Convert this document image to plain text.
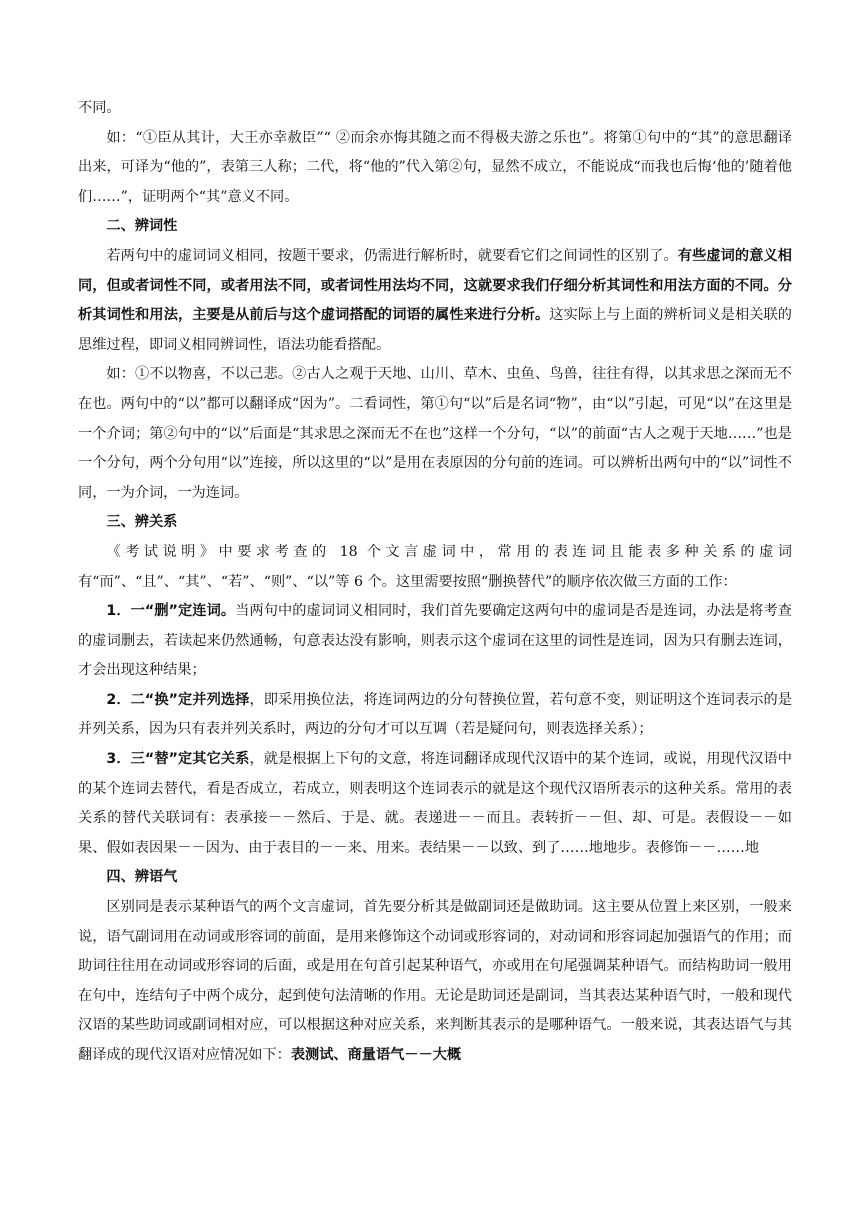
不同。

如：“①臣从其计，大王亦幸赦臣”“ ②而余亦悔其随之而不得极夫游之乐也”。将第①句中的“其”的意思翻译出来，可译为“他的”，表第三人称；二代，将“他的”代入第②句，显然不成立，不能说成“而我也后悔‘他的’随着他们……”，证明两个“其”意义不同。

二、辨词性

若两句中的虚词词义相同，按题干要求，仍需进行解析时，就要看它们之间词性的区别了。有些虚词的意义相同，但或者词性不同，或者用法不同，或者词性用法均不同，这就要求我们仔细分析其词性和用法方面的不同。分析其词性和用法，主要是从前后与这个虚词搭配的词语的属性来进行分析。这实际上与上面的辨析词义是相关联的思维过程，即词义相同辨词性，语法功能看搭配。

如：①不以物喜，不以己悲。②古人之观于天地、山川、草木、虫鱼、鸟兽，往往有得，以其求思之深而无不在也。两句中的“以”都可以翻译成“因为”。二看词性，第①句“以”后是名词“物”，由“以”引起，可见“以”在这里是一个介词；第②句中的“以”后面是“其求思之深而无不在也”这样一个分句，“以”的前面“古人之观于天地……”也是一个分句，两个分句用“以”连接，所以这里的“以”是用在表原因的分句前的连词。可以辨析出两句中的“以”词性不同，一为介词，一为连词。

三、辨关系

《考试说明》中要求考查的 18 个文言虚词中，常用的表连词且能表多种关系的虚词有“而”、“且”、“其”、“若”、“则”、“以”等 6 个。这里需要按照“删换替代”的顺序依次做三方面的工作：

1．一“删”定连词。当两句中的虚词词义相同时，我们首先要确定这两句中的虚词是否是连词，办法是将考查的虚词删去，若读起来仍然通畅，句意表达没有影响，则表示这个虚词在这里的词性是连词，因为只有删去连词，才会出现这种结果；

2．二“换”定并列选择，即采用换位法，将连词两边的分句替换位置，若句意不变，则证明这个连词表示的是并列关系，因为只有表并列关系时，两边的分句才可以互调（若是疑问句，则表选择关系）；

3．三“替”定其它关系，就是根据上下句的文意，将连词翻译成现代汉语中的某个连词，或说，用现代汉语中的某个连词去替代，看是否成立，若成立，则表明这个连词表示的就是这个现代汉语所表示的这种关系。常用的表关系的替代关联词有：表承接－－然后、于是、就。表递进－－而且。表转折－－但、却、可是。表假设－－如果、假如表因果－－因为、由于表目的－－来、用来。表结果－－以致、到了……地地步。表修饰－－……地

四、辨语气

区别同是表示某种语气的两个文言虚词，首先要分析其是做副词还是做助词。这主要从位置上来区别，一般来说，语气副词用在动词或形容词的前面，是用来修饰这个动词或形容词的，对动词和形容词起加强语气的作用；而助词往往用在动词或形容词的后面，或是用在句首引起某种语气，亦或用在句尾强调某种语气。而结构助词一般用在句中，连结句子中两个成分，起到使句法清晰的作用。无论是助词还是副词，当其表达某种语气时，一般和现代汉语的某些助词或副词相对应，可以根据这种对应关系，来判断其表示的是哪种语气。一般来说，其表达语气与其翻译成的现代汉语对应情况如下：表测试、商量语气－－大概
